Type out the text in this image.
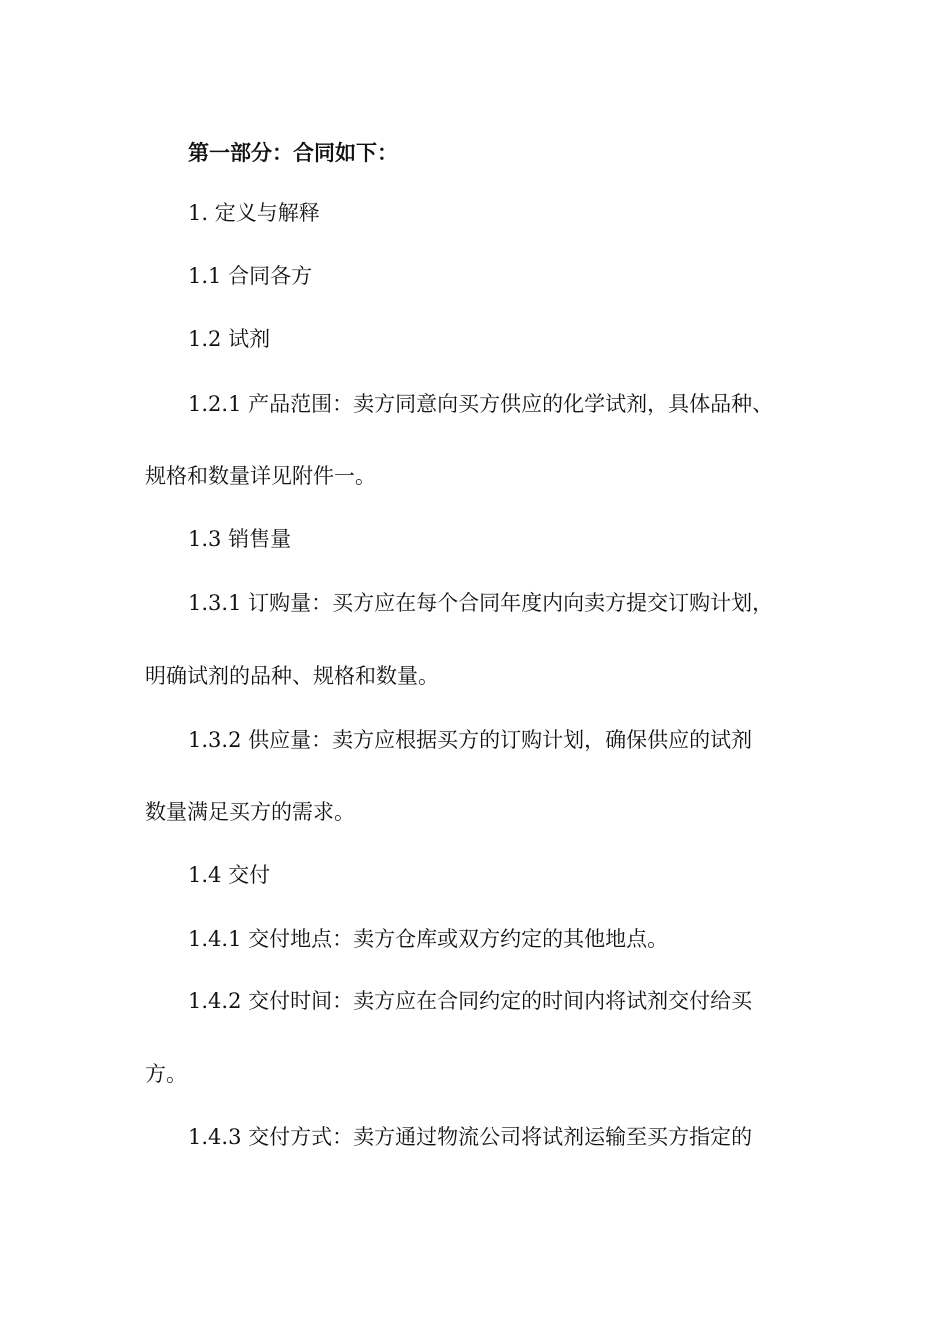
第一部分：合同如下：
1. 定义与解释
1.1 合同各方
1.2 试剂
1.2.1 产品范围：卖方同意向买方供应的化学试剂，具体品种、
规格和数量详见附件一。
1.3 销售量
1.3.1 订购量：买方应在每个合同年度内向卖方提交订购计划，
明确试剂的品种、规格和数量。
1.3.2 供应量：卖方应根据买方的订购计划，确保供应的试剂
数量满足买方的需求。
1.4 交付
1.4.1 交付地点：卖方仓库或双方约定的其他地点。
1.4.2 交付时间：卖方应在合同约定的时间内将试剂交付给买
方。
1.4.3 交付方式：卖方通过物流公司将试剂运输至买方指定的
